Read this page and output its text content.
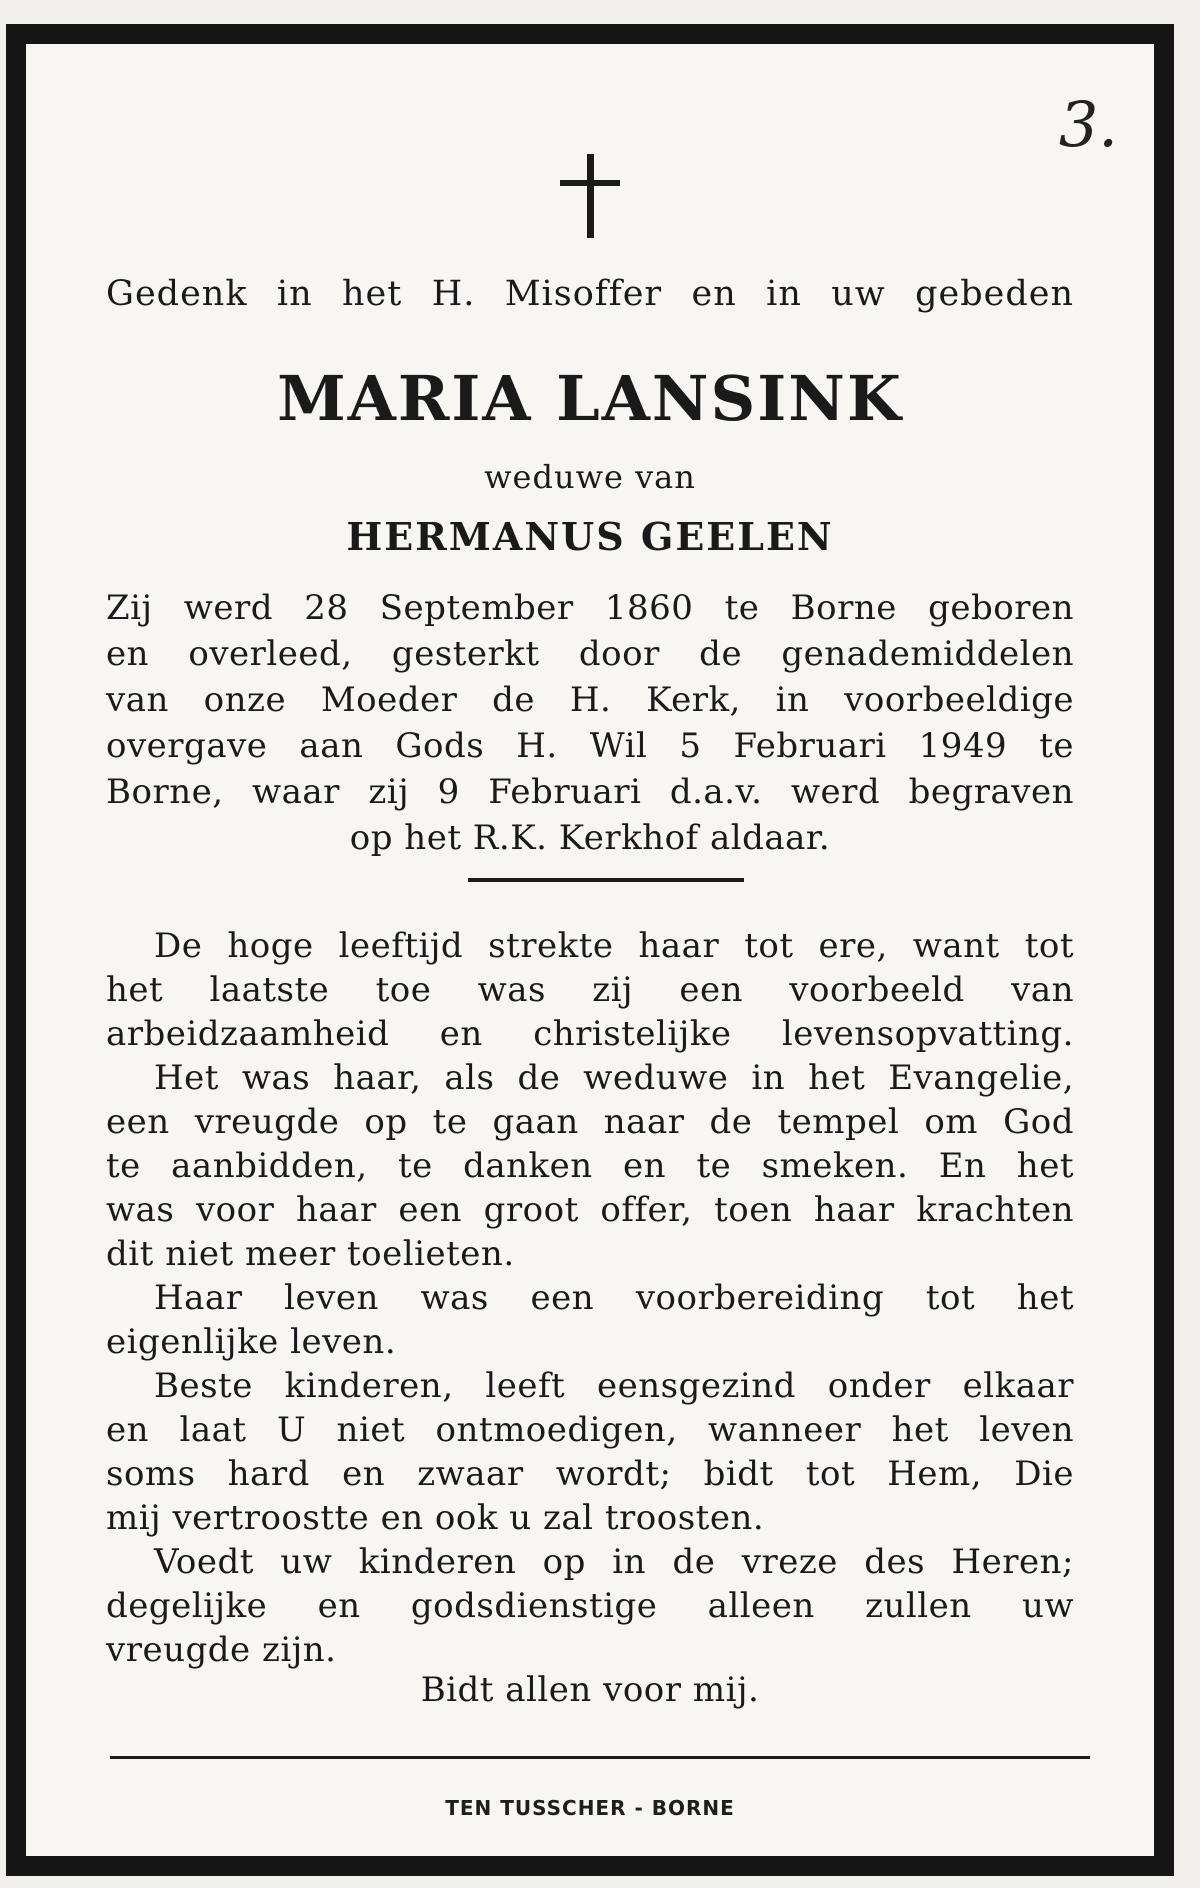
3.
Gedenk in het H. Misoffer en in uw gebeden
MARIA LANSINK
weduwe van
HERMANUS GEELEN
Zij werd 28 September 1860 te Borne geboren
en overleed, gesterkt door de genademiddelen
van onze Moeder de H. Kerk, in voorbeeldige
overgave aan Gods H. Wil 5 Februari 1949 te
Borne, waar zij 9 Februari d.a.v. werd begraven
op het R.K. Kerkhof aldaar.
De hoge leeftijd strekte haar tot ere, want tot
het laatste toe was zij een voorbeeld van
arbeidzaamheid en christelijke levensopvatting.
Het was haar, als de weduwe in het Evangelie,
een vreugde op te gaan naar de tempel om God
te aanbidden, te danken en te smeken. En het
was voor haar een groot offer, toen haar krachten
dit niet meer toelieten.
Haar leven was een voorbereiding tot het
eigenlijke leven.
Beste kinderen, leeft eensgezind onder elkaar
en laat U niet ontmoedigen, wanneer het leven
soms hard en zwaar wordt; bidt tot Hem, Die
mij vertroostte en ook u zal troosten.
Voedt uw kinderen op in de vreze des Heren;
degelijke en godsdienstige alleen zullen uw
vreugde zijn.
TEN TUSSCHER - BORNE
Bidt allen voor mij.
